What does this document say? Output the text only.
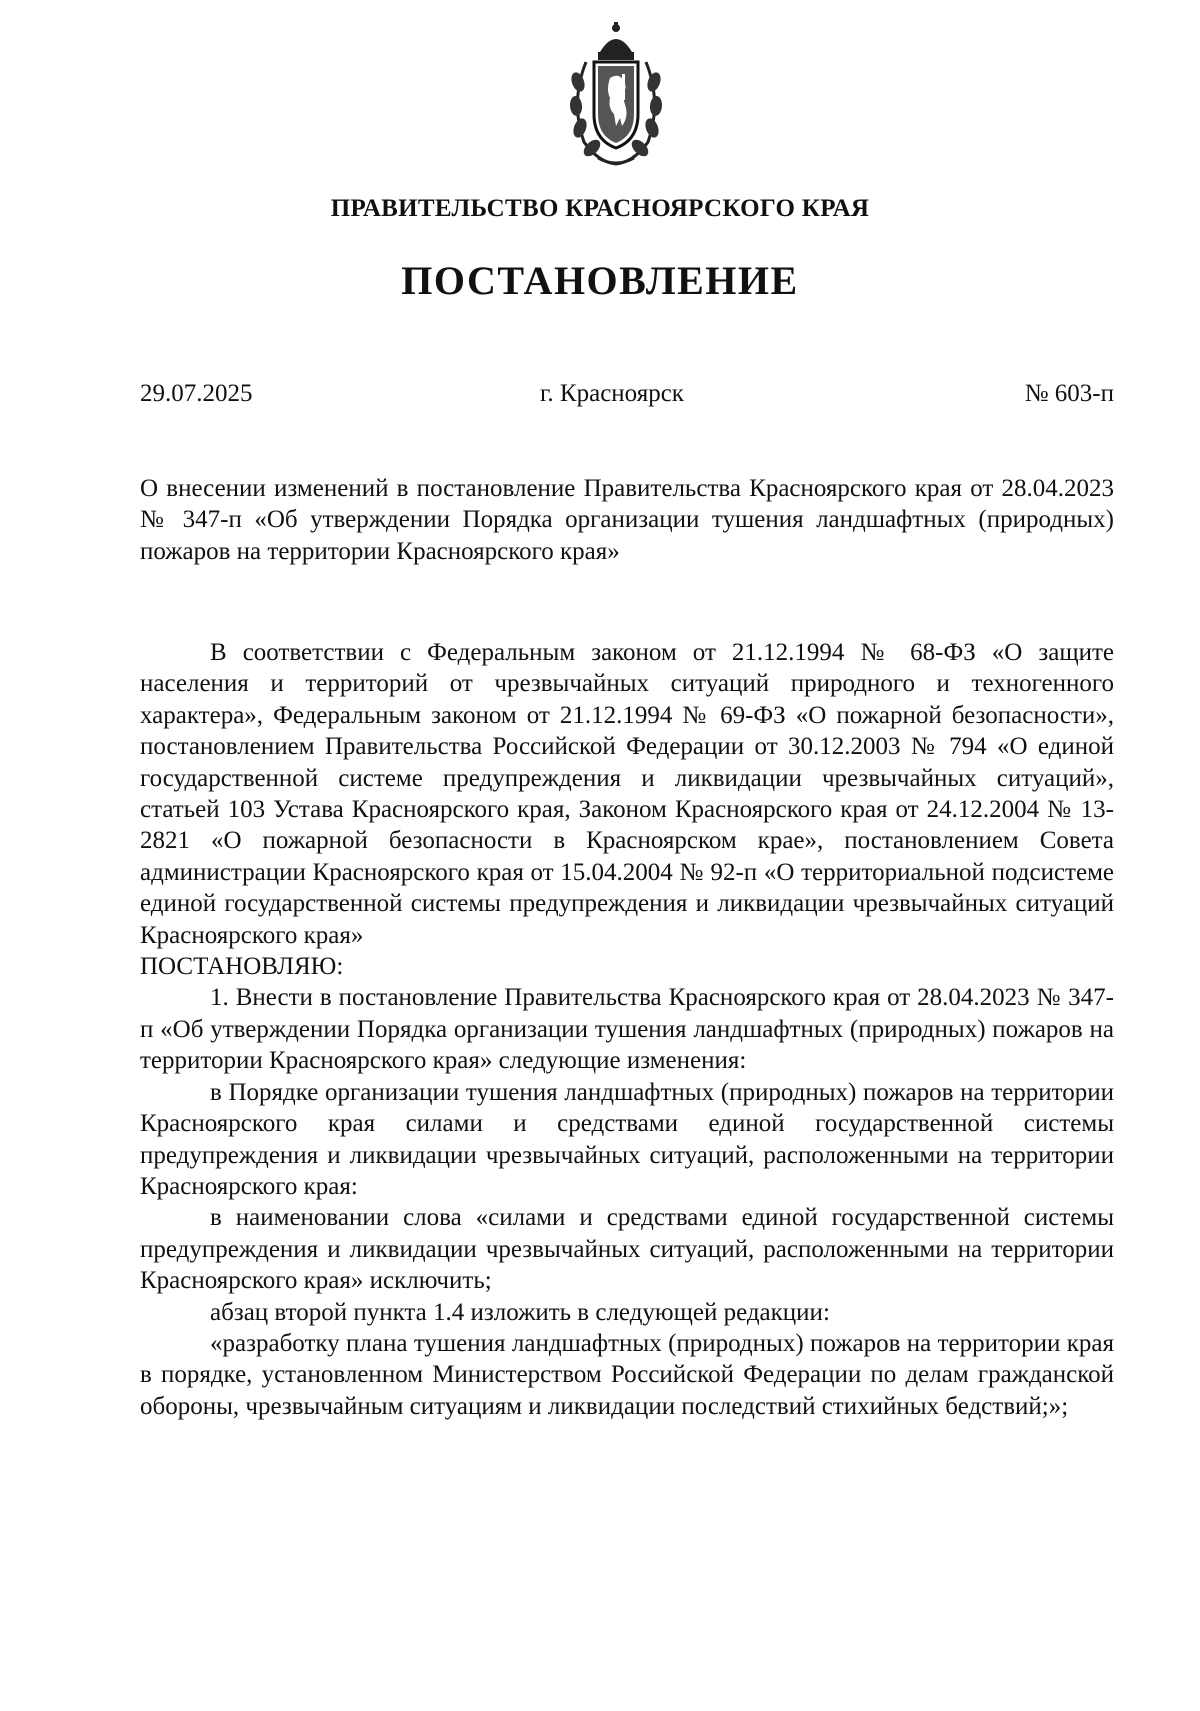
ПРАВИТЕЛЬСТВО КРАСНОЯРСКОГО КРАЯ
ПОСТАНОВЛЕНИЕ
29.07.2025	г. Красноярск	№ 603-п

О внесении изменений в постановление Правительства Красноярского края от 28.04.2023 № 347-п «Об утверждении Порядка организации тушения ландшафтных (природных) пожаров на территории Красноярского края»

В соответствии с Федеральным законом от 21.12.1994 № 68-ФЗ «О защите населения и территорий от чрезвычайных ситуаций природного и техногенного характера», Федеральным законом от 21.12.1994 № 69-ФЗ «О пожарной безопасности», постановлением Правительства Российской Федерации от 30.12.2003 № 794 «О единой государственной системе предупреждения и ликвидации чрезвычайных ситуаций», статьей 103 Устава Красноярского края, Законом Красноярского края от 24.12.2004 № 13-2821 «О пожарной безопасности в Красноярском крае», постановлением Совета администрации Красноярского края от 15.04.2004 № 92-п «О территориальной подсистеме единой государственной системы предупреждения и ликвидации чрезвычайных ситуаций Красноярского края»

ПОСТАНОВЛЯЮ:

1. Внести в постановление Правительства Красноярского края от 28.04.2023 № 347-п «Об утверждении Порядка организации тушения ландшафтных (природных) пожаров на территории Красноярского края» следующие изменения:

в Порядке организации тушения ландшафтных (природных) пожаров на территории Красноярского края силами и средствами единой государственной системы предупреждения и ликвидации чрезвычайных ситуаций, расположенными на территории Красноярского края:

в наименовании слова «силами и средствами единой государственной системы предупреждения и ликвидации чрезвычайных ситуаций, расположенными на территории Красноярского края» исключить;

абзац второй пункта 1.4 изложить в следующей редакции:

«разработку плана тушения ландшафтных (природных) пожаров на территории края в порядке, установленном Министерством Российской Федерации по делам гражданской обороны, чрезвычайным ситуациям и ликвидации последствий стихийных бедствий;»;
